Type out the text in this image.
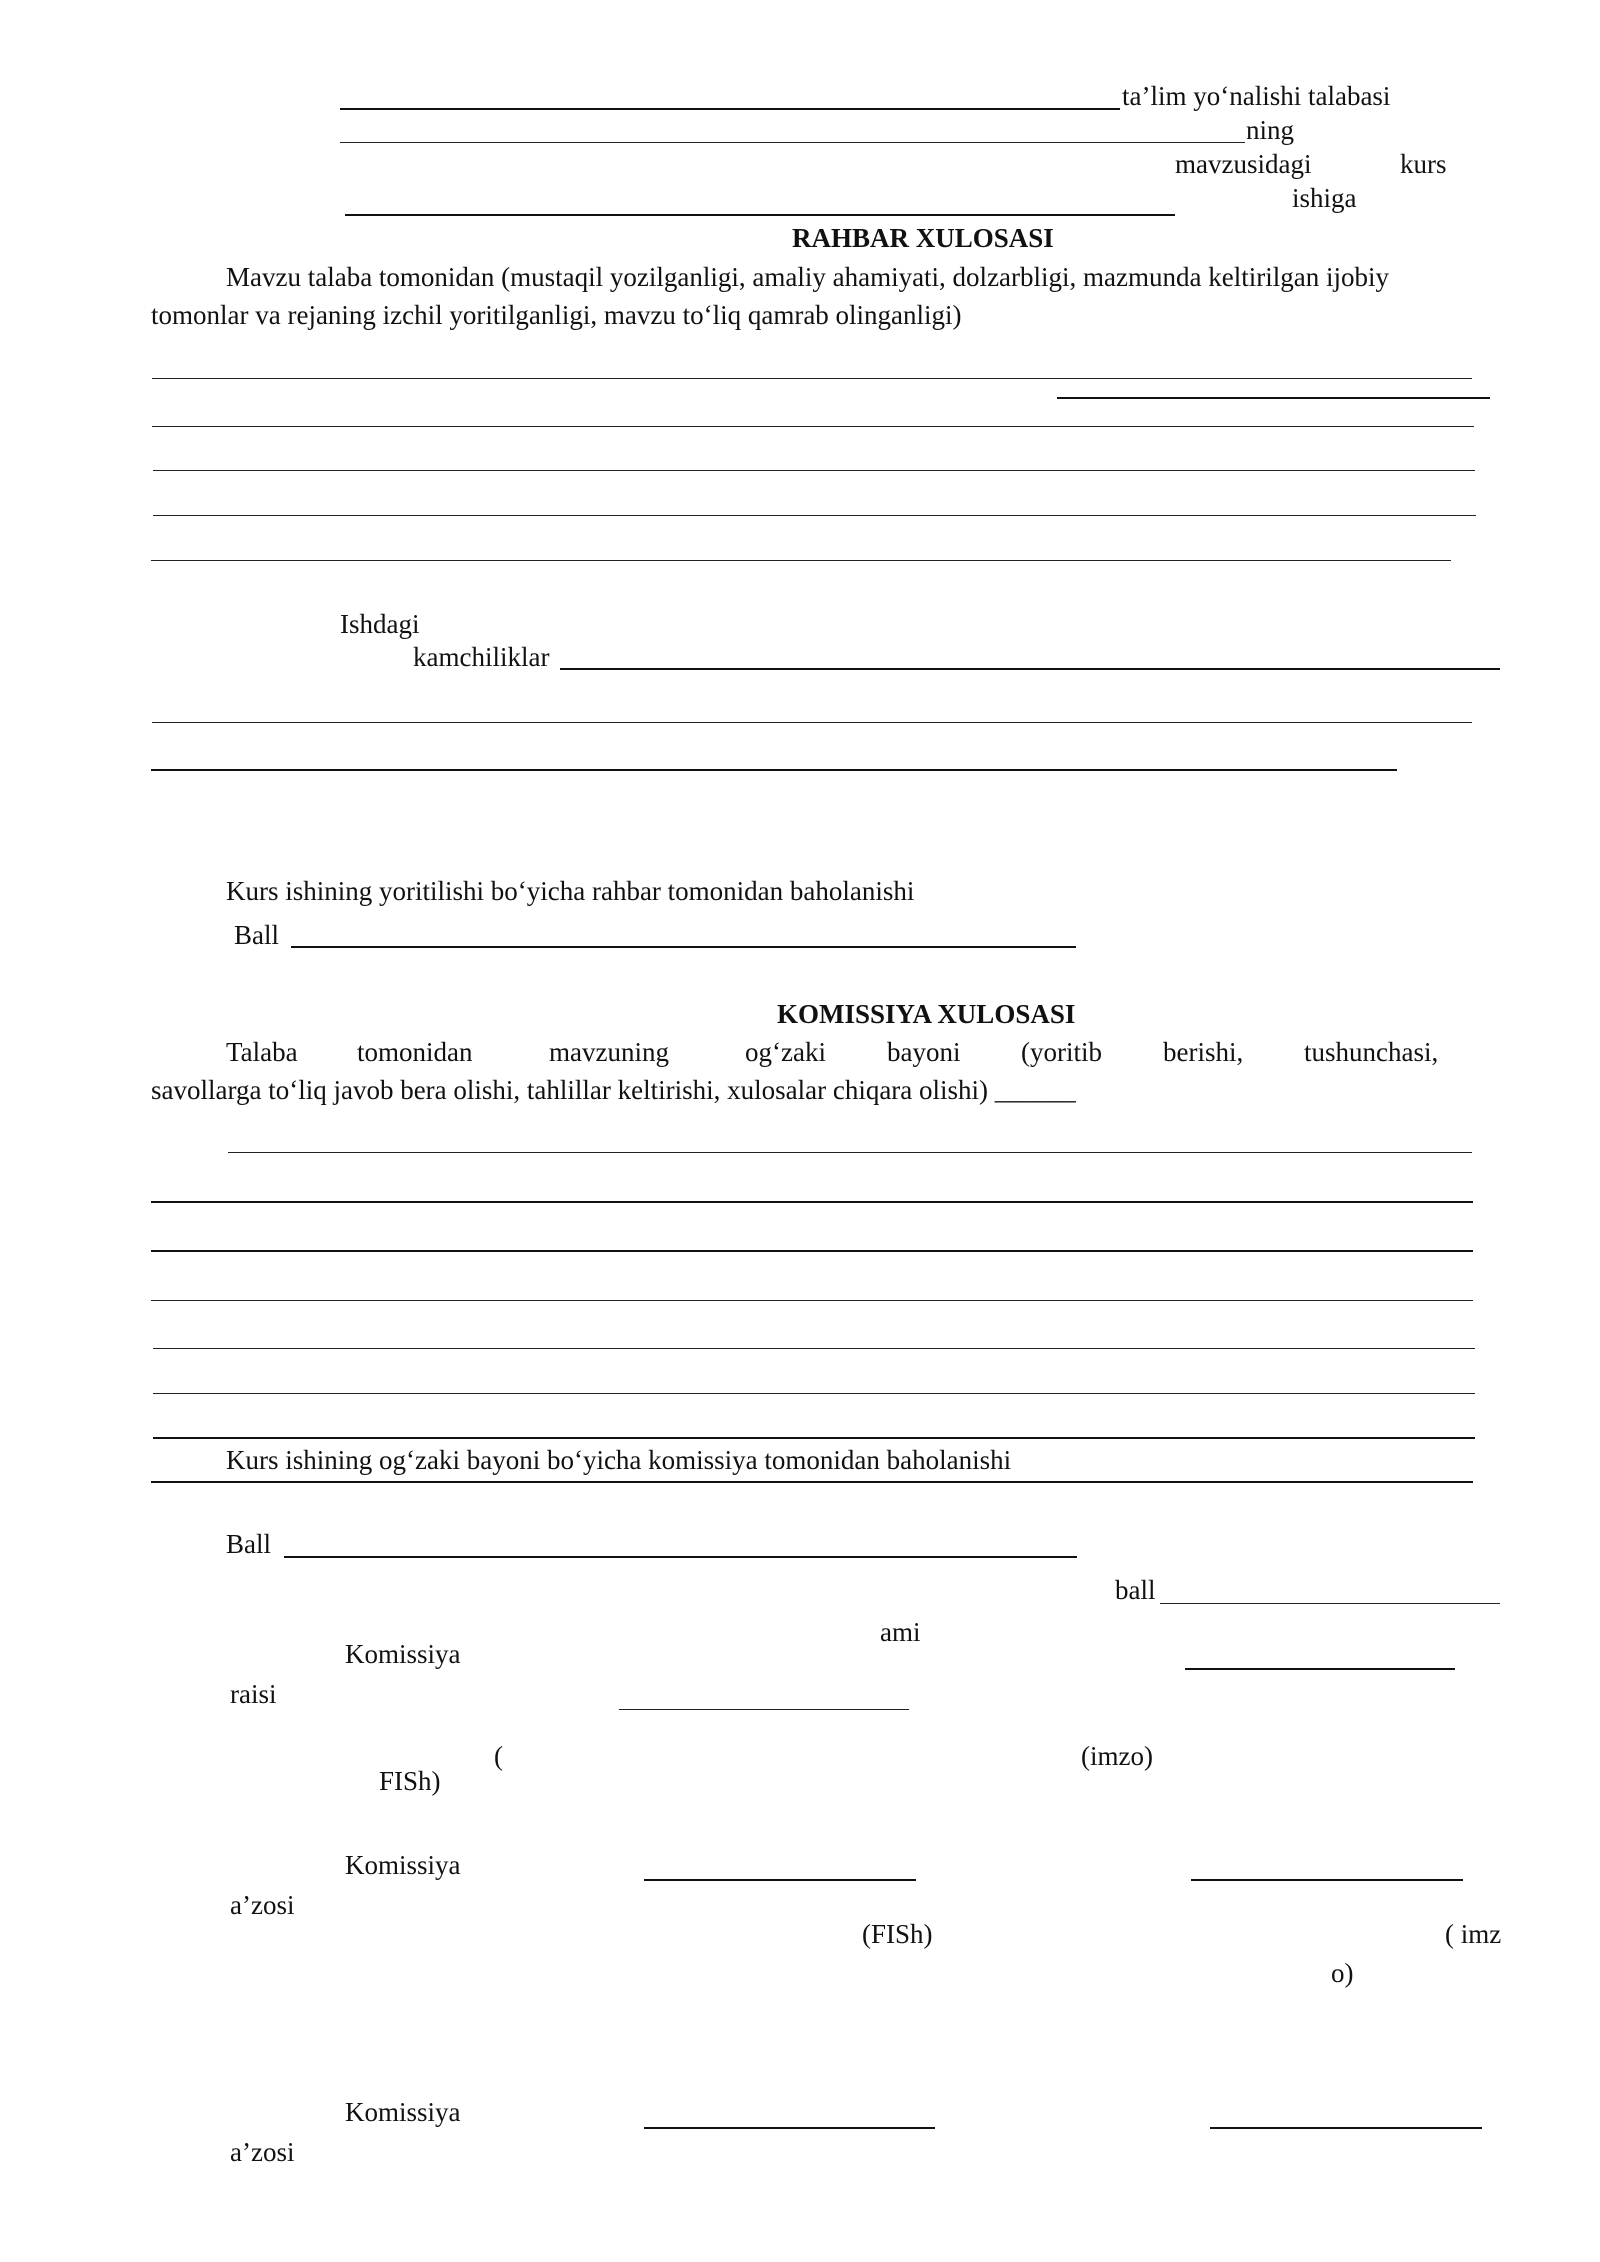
ta’lim yo‘nalishi talabasi
ning
mavzusidagi	kurs
ishiga
RAHBAR XULOSASI
Mavzu talaba tomonidan (mustaqil yozilganligi, amaliy ahamiyati, dolzarbligi, mazmunda keltirilgan ijobiy
tomonlar va rejaning izchil yoritilganligi, mavzu to‘liq qamrab olinganligi)
Ishdagi
kamchiliklar
Kurs ishining yoritilishi bo‘yicha rahbar tomonidan baholanishi
Ball
KOMISSIYA XULOSASI
Talaba tomonidan	mavzuning	og‘zaki bayoni (yoritib berishi, tushunchasi,
savollarga to‘liq javob bera olishi, tahlillar keltirishi, xulosalar chiqara olishi) ______
Kurs ishining og‘zaki bayoni bo‘yicha komissiya tomonidan baholanishi
Ball
ball
ami
Komissiya
raisi
(	(imzo)
FISh)
Komissiya
a’zosi
(FISh)	( imz
o)
Komissiya
a’zosi
